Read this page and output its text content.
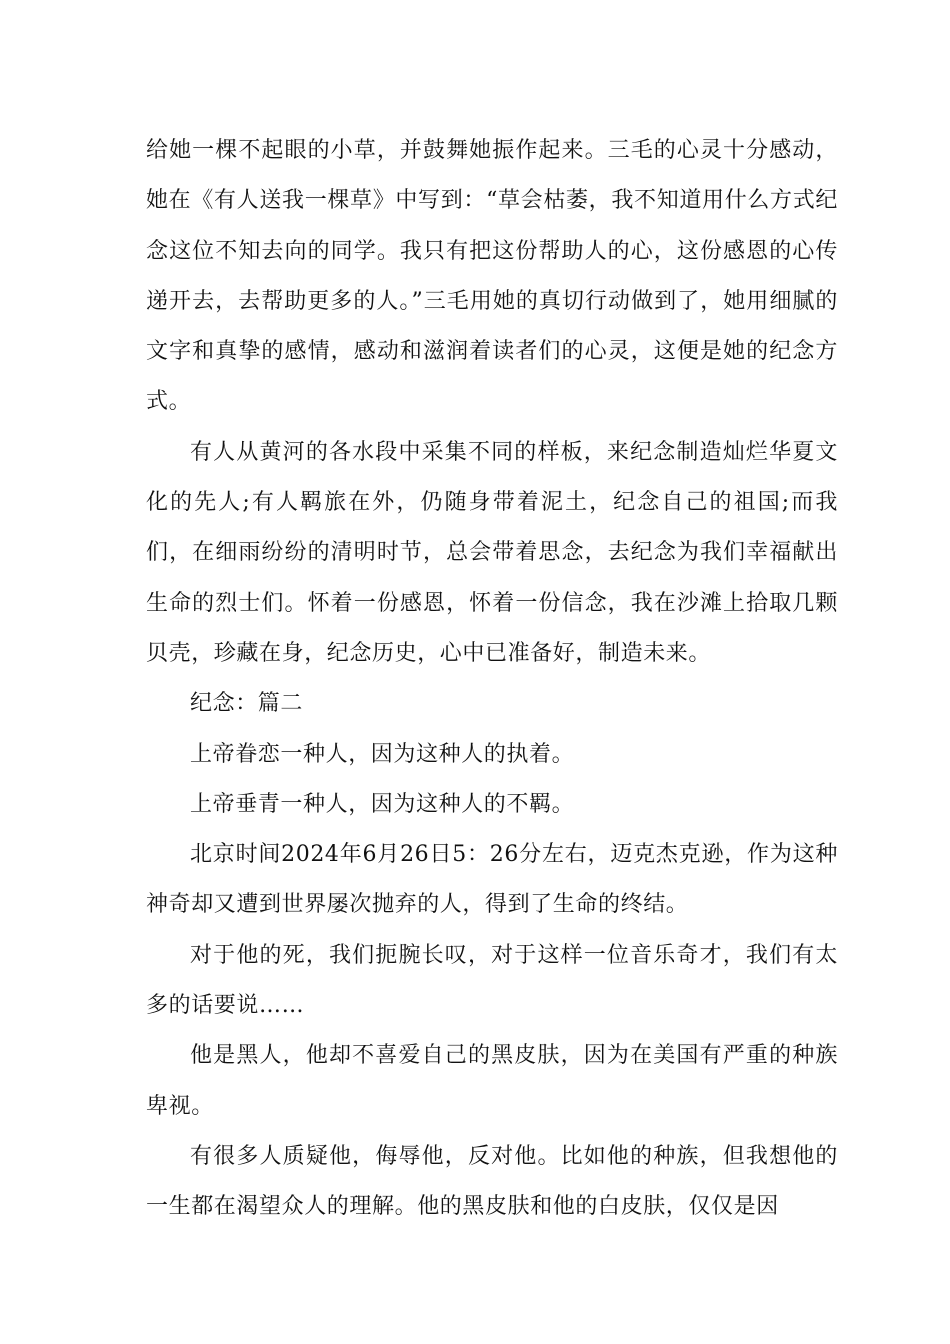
给她一棵不起眼的小草，并鼓舞她振作起来。三毛的心灵十分感动，她在《有人送我一棵草》中写到：“草会枯萎，我不知道用什么方式纪念这位不知去向的同学。我只有把这份帮助人的心，这份感恩的心传递开去，去帮助更多的人。”三毛用她的真切行动做到了，她用细腻的文字和真挚的感情，感动和滋润着读者们的心灵，这便是她的纪念方式。

有人从黄河的各水段中采集不同的样板，来纪念制造灿烂华夏文化的先人;有人羁旅在外，仍随身带着泥土，纪念自己的祖国;而我们，在细雨纷纷的清明时节，总会带着思念，去纪念为我们幸福献出生命的烈士们。怀着一份感恩，怀着一份信念，我在沙滩上拾取几颗贝壳，珍藏在身，纪念历史，心中已准备好，制造未来。

纪念：篇二

上帝眷恋一种人，因为这种人的执着。

上帝垂青一种人，因为这种人的不羁。

北京时间2024年6月26日5：26分左右，迈克杰克逊，作为这种神奇却又遭到世界屡次抛弃的人，得到了生命的终结。

对于他的死，我们扼腕长叹，对于这样一位音乐奇才，我们有太多的话要说……

他是黑人，他却不喜爱自己的黑皮肤，因为在美国有严重的种族卑视。

有很多人质疑他，侮辱他，反对他。比如他的种族，但我想他的一生都在渴望众人的理解。他的黑皮肤和他的白皮肤，仅仅是因
